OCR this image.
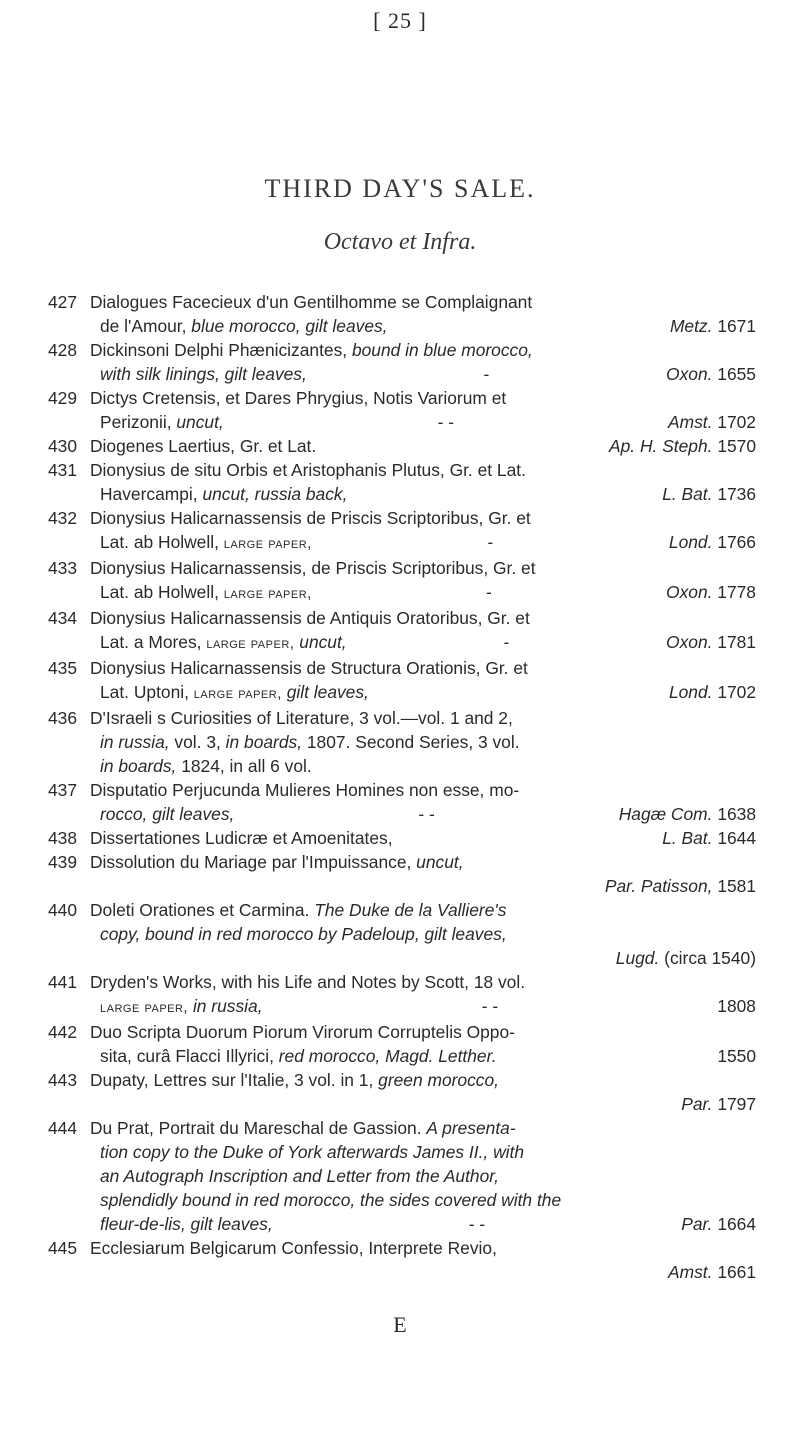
[ 25 ]
THIRD DAY'S SALE.
Octavo et Infra.
427 Dialogues Facecieux d'un Gentilhomme se Complaignant
de l'Amour, blue morocco, gilt leaves,	Metz. 1671
428 Dickinsoni Delphi Phænicizantes, bound in blue morocco,
with silk linings, gilt leaves,	-	Oxon. 1655
429 Dictys Cretensis, et Dares Phrygius, Notis Variorum et
Perizonii, uncut,	- -	Amst. 1702
430 Diogenes Laertius, Gr. et Lat.	Ap. H. Steph. 1570
431 Dionysius de situ Orbis et Aristophanis Plutus, Gr. et Lat.
Havercampi, uncut, russia back,	L. Bat. 1736
432 Dionysius Halicarnassensis de Priscis Scriptoribus, Gr. et
Lat. ab Holwell, large paper,	-	Lond. 1766
433 Dionysius Halicarnassensis, de Priscis Scriptoribus, Gr. et
Lat. ab Holwell, large paper,	-	Oxon. 1778
434 Dionysius Halicarnassensis de Antiquis Oratoribus, Gr. et
Lat. a Mores, large paper, uncut,	-	Oxon. 1781
435 Dionysius Halicarnassensis de Structura Orationis, Gr. et
Lat. Uptoni, large paper, gilt leaves,	Lond. 1702
436 D'Israeli s Curiosities of Literature, 3 vol.—vol. 1 and 2,
in russia, vol. 3, in boards, 1807. Second Series, 3 vol.
in boards, 1824, in all 6 vol.
437 Disputatio Perjucunda Mulieres Homines non esse, mo-
rocco, gilt leaves,	- -	Hagæ Com. 1638
438 Dissertationes Ludicræ et Amoenitates,	L. Bat. 1644
439 Dissolution du Mariage par l'Impuissance, uncut,
Par. Patisson, 1581
440 Doleti Orationes et Carmina. The Duke de la Valliere's
copy, bound in red morocco by Padeloup, gilt leaves,
Lugd. (circa 1540)
441 Dryden's Works, with his Life and Notes by Scott, 18 vol.
large paper, in russia,	- -	1808
442 Duo Scripta Duorum Piorum Virorum Corruptelis Oppo-
sita, curâ Flacci Illyrici, red morocco, Magd. Letther.	1550
443 Dupaty, Lettres sur l'Italie, 3 vol. in 1, green morocco,
Par. 1797
444 Du Prat, Portrait du Mareschal de Gassion. A presenta-
tion copy to the Duke of York afterwards James II., with
an Autograph Inscription and Letter from the Author,
splendidly bound in red morocco, the sides covered with the
fleur-de-lis, gilt leaves,	- -	Par. 1664
445 Ecclesiarum Belgicarum Confessio, Interprete Revio,
Amst. 1661
E
